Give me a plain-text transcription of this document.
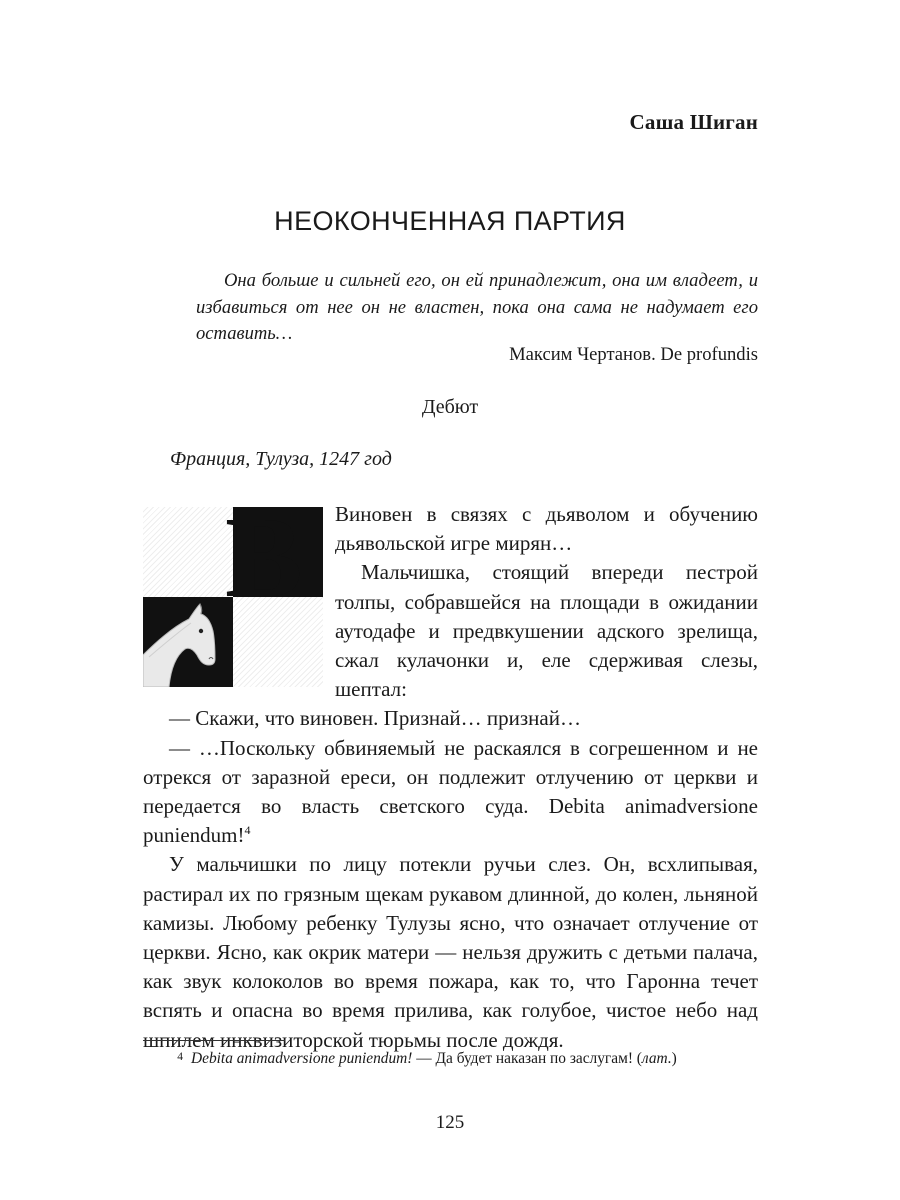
Саша Шиган
НЕОКОНЧЕННАЯ ПАРТИЯ

Она больше и сильней его, он ей принадлежит, она им владеет, и избавиться от нее он не властен, пока она сама не надумает его оставить…

Максим Чертанов. De profundis
Дебют
Франция, Тулуза, 1247 год
В Виновен в связях с дьяволом и обучению дьявольской игре мирян…

Мальчишка, стоящий впереди пестрой толпы, собравшейся на площади в ожидании аутодафе и предвкушении адского зрелища, сжал кулачонки и, еле сдерживая слезы, шептал:

— Скажи, что виновен. Признай… признай…

— …Поскольку обвиняемый не раскаялся в согрешенном и не отрекся от заразной ереси, он подлежит отлучению от церкви и передается во власть светского суда. Debita animadversione puniendum!$^4$

У мальчишки по лицу потекли ручьи слез. Он, всхлипывая, растирал их по грязным щекам рукавом длинной, до колен, льняной камизы. Любому ребенку Тулузы ясно, что означает отлучение от церкви. Ясно, как окрик матери — нельзя дружить с детьми палача, как звук колоколов во время пожара, как то, что Гаронна течет вспять и опасна во время прилива, как голубое, чистое небо над шпилем инквизиторской тюрьмы после дождя.

4 Debita animadversione puniendum! — Да будет наказан по заслугам! (лат.)
125
